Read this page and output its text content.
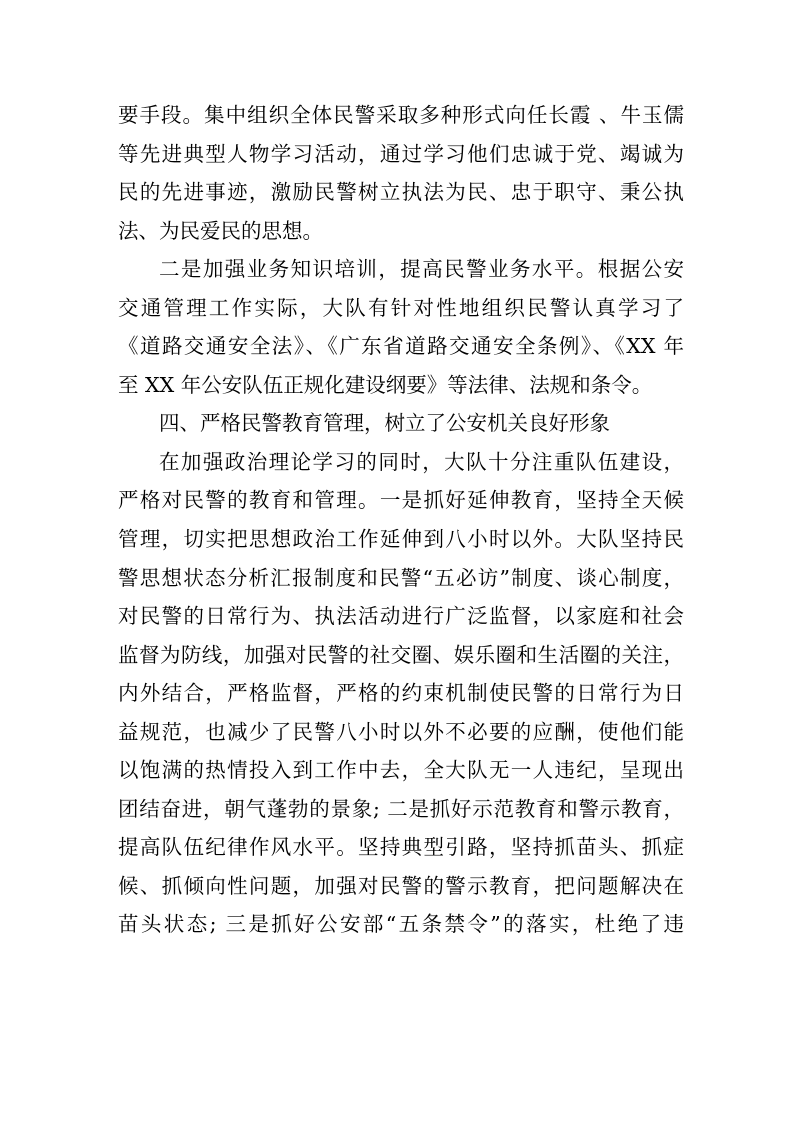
要手段。集中组织全体民警采取多种形式向任长霞 、牛玉儒
等先进典型人物学习活动，通过学习他们忠诚于党、竭诚为
民的先进事迹，激励民警树立执法为民、忠于职守、秉公执
法、为民爱民的思想。
二是加强业务知识培训，提高民警业务水平。根据公安
交通管理工作实际，大队有针对性地组织民警认真学习了
《道路交通安全法》、《广东省道路交通安全条例》、《XX 年
至 XX 年公安队伍正规化建设纲要》等法律、法规和条令。
四、严格民警教育管理，树立了公安机关良好形象
在加强政治理论学习的同时，大队十分注重队伍建设，
严格对民警的教育和管理。一是抓好延伸教育，坚持全天候
管理，切实把思想政治工作延伸到八小时以外。大队坚持民
警思想状态分析汇报制度和民警“五必访”制度、谈心制度，
对民警的日常行为、执法活动进行广泛监督，以家庭和社会
监督为防线，加强对民警的社交圈、娱乐圈和生活圈的关注，
内外结合，严格监督，严格的约束机制使民警的日常行为日
益规范，也减少了民警八小时以外不必要的应酬，使他们能
以饱满的热情投入到工作中去，全大队无一人违纪，呈现出
团结奋进，朝气蓬勃的景象; 二是抓好示范教育和警示教育，
提高队伍纪律作风水平。坚持典型引路，坚持抓苗头、抓症
候、抓倾向性问题，加强对民警的警示教育，把问题解决在
苗头状态; 三是抓好公安部“五条禁令”的落实，杜绝了违
